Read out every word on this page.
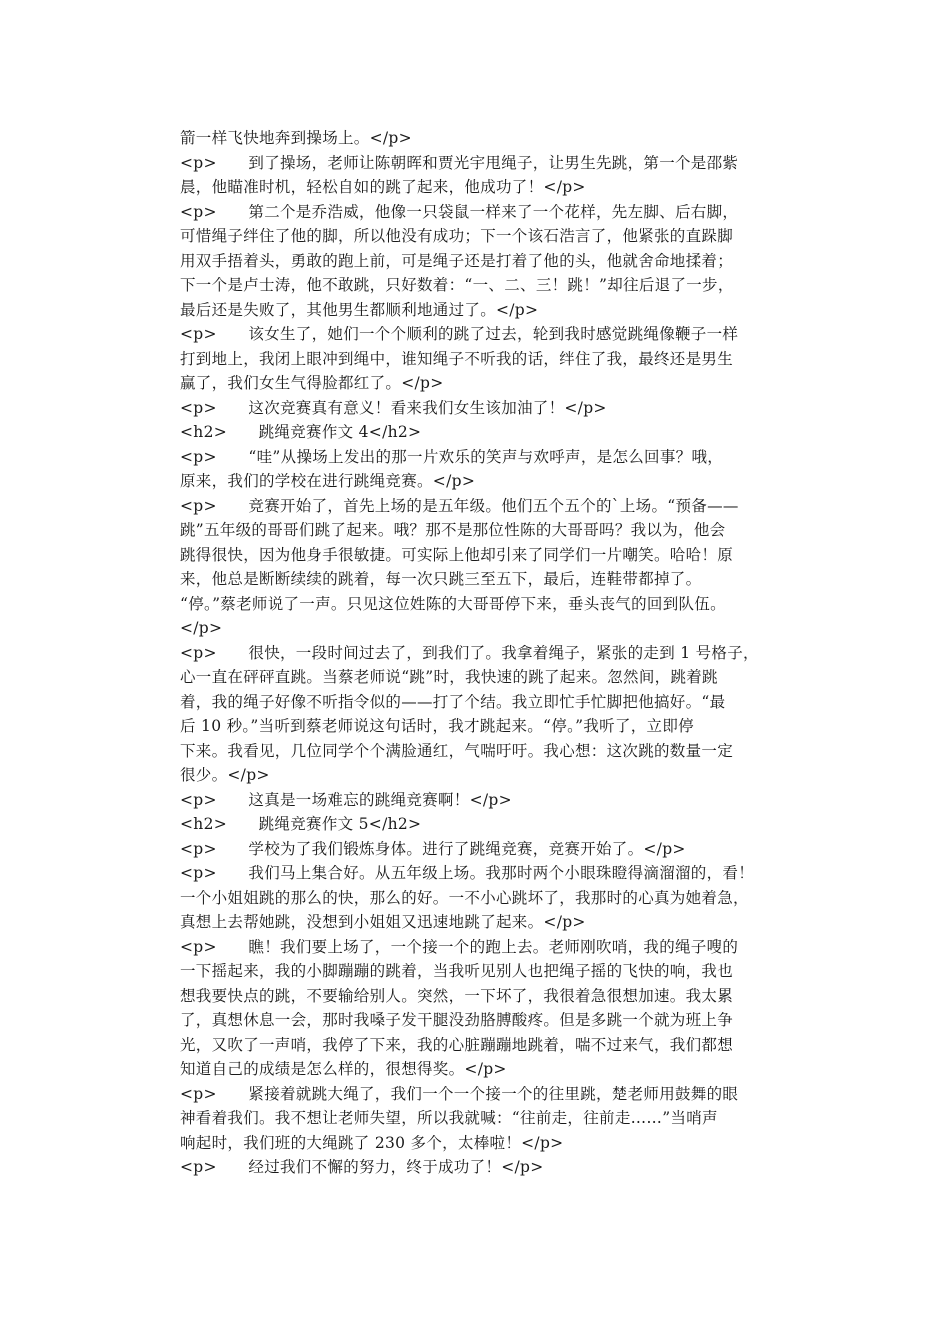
箭一样飞快地奔到操场上。</p>
<p>　　到了操场，老师让陈朝晖和贾光宇甩绳子，让男生先跳，第一个是邵紫
晨，他瞄准时机，轻松自如的跳了起来，他成功了！</p>
<p>　　第二个是乔浩威，他像一只袋鼠一样来了一个花样，先左脚、后右脚，
可惜绳子绊住了他的脚，所以他没有成功；下一个该石浩言了，他紧张的直跺脚
用双手捂着头，勇敢的跑上前，可是绳子还是打着了他的头，他就舍命地揉着；
下一个是卢士涛，他不敢跳，只好数着：“一、二、三！跳！”却往后退了一步，
最后还是失败了，其他男生都顺利地通过了。</p>
<p>　　该女生了，她们一个个顺利的跳了过去，轮到我时感觉跳绳像鞭子一样
打到地上，我闭上眼冲到绳中，谁知绳子不听我的话，绊住了我，最终还是男生
赢了，我们女生气得脸都红了。</p>
<p>　　这次竞赛真有意义！看来我们女生该加油了！</p>
<h2>　　跳绳竞赛作文 4</h2>
<p>　　“哇”从操场上发出的那一片欢乐的笑声与欢呼声，是怎么回事？哦，
原来，我们的学校在进行跳绳竞赛。</p>
<p>　　竞赛开始了，首先上场的是五年级。他们五个五个的`上场。“预备——
跳”五年级的哥哥们跳了起来。哦？那不是那位性陈的大哥哥吗？我以为，他会
跳得很快，因为他身手很敏捷。可实际上他却引来了同学们一片嘲笑。哈哈！原
来，他总是断断续续的跳着，每一次只跳三至五下，最后，连鞋带都掉了。
“停。”蔡老师说了一声。只见这位姓陈的大哥哥停下来，垂头丧气的回到队伍。
</p>
<p>　　很快，一段时间过去了，到我们了。我拿着绳子，紧张的走到 1 号格子，
心一直在砰砰直跳。当蔡老师说“跳”时，我快速的跳了起来。忽然间，跳着跳
着，我的绳子好像不听指令似的——打了个结。我立即忙手忙脚把他搞好。“最
后 10 秒。”当听到蔡老师说这句话时，我才跳起来。“停。”我听了，立即停
下来。我看见，几位同学个个满脸通红，气喘吁吁。我心想：这次跳的数量一定
很少。</p>
<p>　　这真是一场难忘的跳绳竞赛啊！</p>
<h2>　　跳绳竞赛作文 5</h2>
<p>　　学校为了我们锻炼身体。进行了跳绳竞赛，竞赛开始了。</p>
<p>　　我们马上集合好。从五年级上场。我那时两个小眼珠瞪得滴溜溜的，看！
一个小姐姐跳的那么的快，那么的好。一不小心跳坏了，我那时的心真为她着急，
真想上去帮她跳，没想到小姐姐又迅速地跳了起来。</p>
<p>　　瞧！我们要上场了，一个接一个的跑上去。老师刚吹哨，我的绳子嗖的
一下摇起来，我的小脚蹦蹦的跳着，当我听见别人也把绳子摇的飞快的响，我也
想我要快点的跳，不要输给别人。突然，一下坏了，我很着急很想加速。我太累
了，真想休息一会，那时我嗓子发干腿没劲胳膊酸疼。但是多跳一个就为班上争
光，又吹了一声哨，我停了下来，我的心脏蹦蹦地跳着，喘不过来气，我们都想
知道自己的成绩是怎么样的，很想得奖。</p>
<p>　　紧接着就跳大绳了，我们一个一个接一个的往里跳，楚老师用鼓舞的眼
神看着我们。我不想让老师失望，所以我就喊：“往前走，往前走……”当哨声
响起时，我们班的大绳跳了 230 多个，太棒啦！</p>
<p>　　经过我们不懈的努力，终于成功了！</p>
